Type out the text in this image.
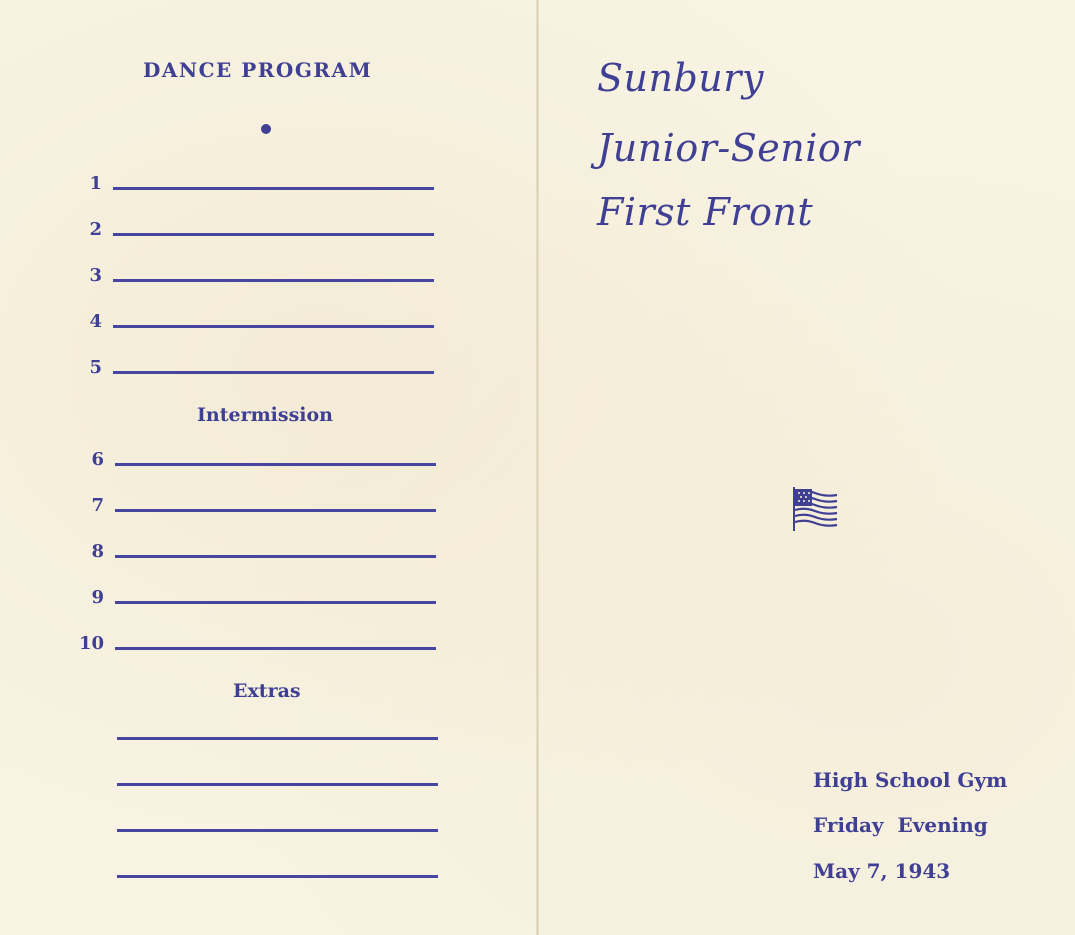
DANCE PROGRAM
1
2
3
4
5
Intermission
6
7
8
9
10
Extras
Sunbury
Junior-Senior
First Front
High School Gym
Friday  Evening
May 7, 1943
